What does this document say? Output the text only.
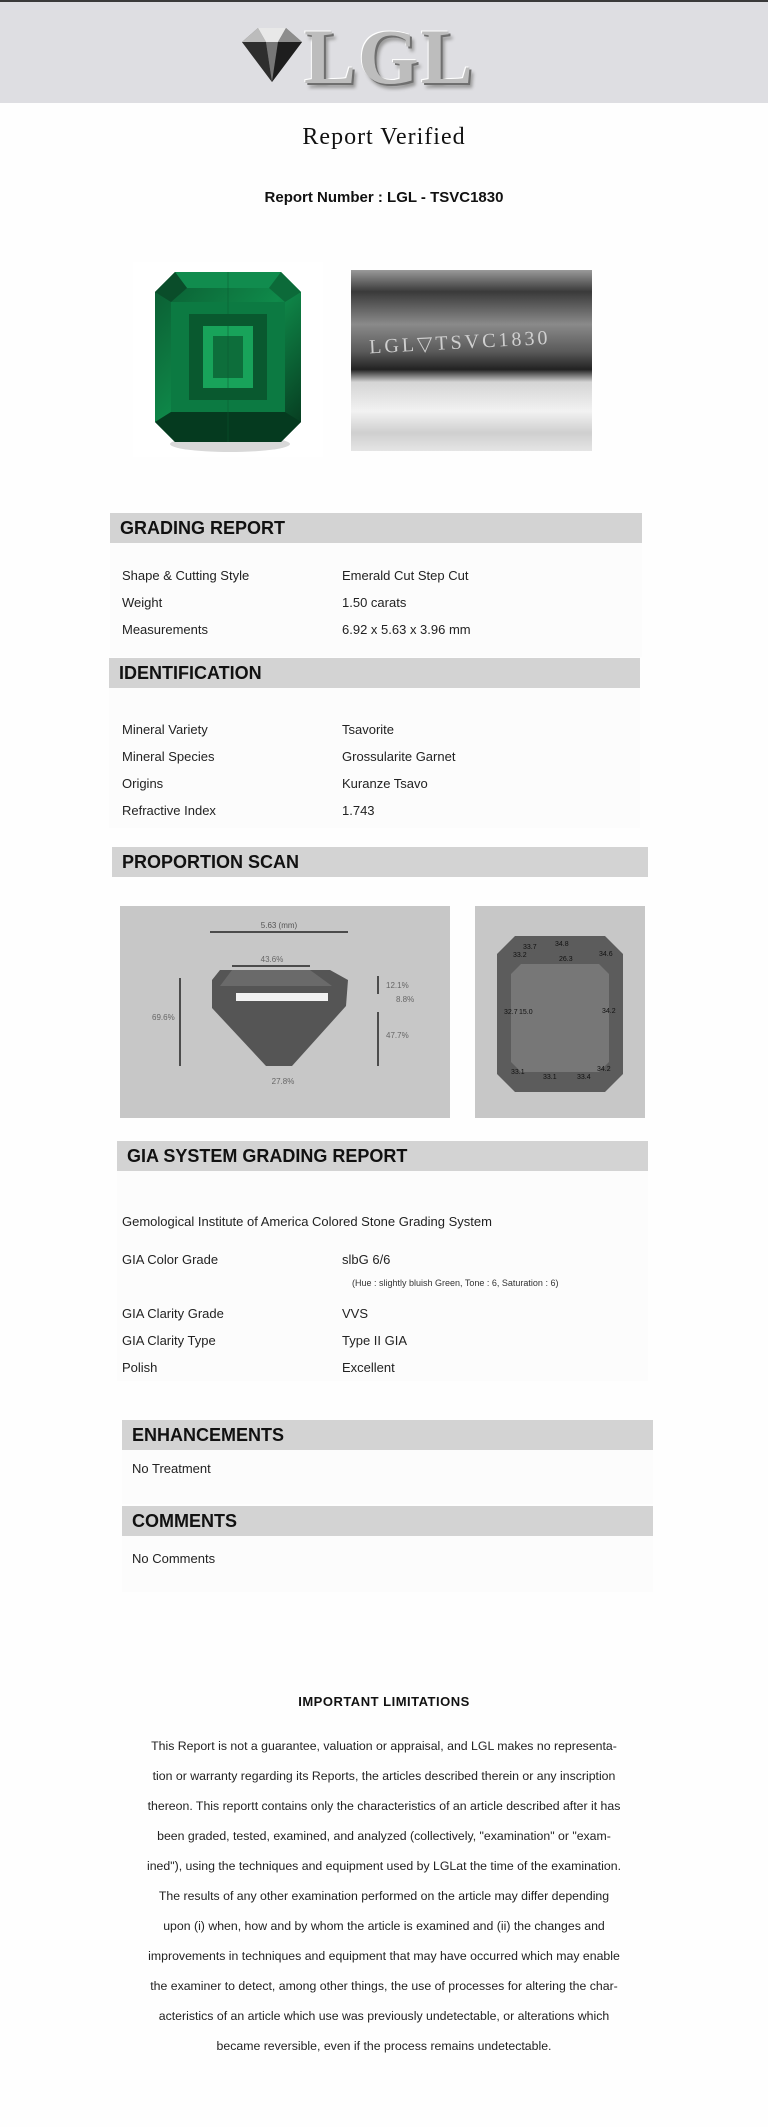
LGL
Report Verified
Report Number : LGL - TSVC1830
LGL▽TSVC1830
GRADING REPORT
Shape & Cutting Style	Emerald Cut Step Cut
Weight	1.50 carats
Measurements	6.92 x 5.63 x 3.96 mm
IDENTIFICATION
Mineral Variety	Tsavorite
Mineral Species	Grossularite Garnet
Origins	Kuranze Tsavo
Refractive Index	1.743
PROPORTION SCAN
5.63 (mm)
43.6%
69.6%
12.1%
8.8%
47.7%
27.8%
33.7	34.8
33.2
26.3
34.6
32.7 15.0	34.2
33.1
33.1	33.4
34.2
GIA SYSTEM GRADING REPORT
Gemological Institute of America Colored Stone Grading System
GIA Color Grade	slbG 6/6
(Hue : slightly bluish Green, Tone : 6, Saturation : 6)
GIA Clarity Grade	VVS
GIA Clarity Type	Type II GIA
Polish	Excellent
ENHANCEMENTS
No Treatment
COMMENTS
No Comments
IMPORTANT LIMITATIONS
This Report is not a guarantee, valuation or appraisal, and LGL makes no representa-
tion or warranty regarding its Reports, the articles described therein or any inscription
thereon. This reportt contains only the characteristics of an article described after it has
been graded, tested, examined, and analyzed (collectively, "examination" or "exam-
ined"), using the techniques and equipment used by LGLat the time of the examination.
The results of any other examination performed on the article may differ depending
upon (i) when, how and by whom the article is examined and (ii) the changes and
improvements in techniques and equipment that may have occurred which may enable
the examiner to detect, among other things, the use of processes for altering the char-
acteristics of an article which use was previously undetectable, or alterations which
became reversible, even if the process remains undetectable.
